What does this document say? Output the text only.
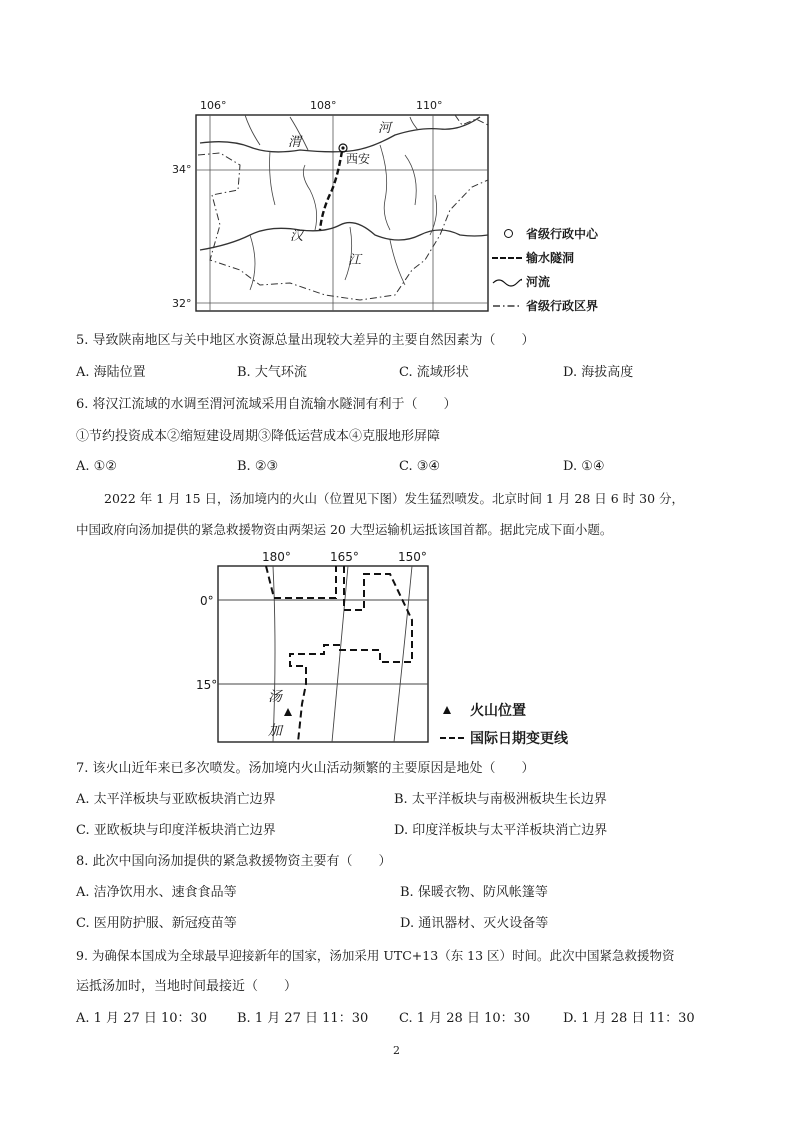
106°	108°	110°
34°
32°
渭
河
西安
汉
江
省级行政中心
输水隧洞
河流
省级行政区界
5. 导致陕南地区与关中地区水资源总量出现较大差异的主要自然因素为（　　）
A. 海陆位置	B. 大气环流	C. 流域形状	D. 海拔高度
6. 将汉江流域的水调至渭河流域采用自流输水隧洞有利于（　　）
①节约投资成本②缩短建设周期③降低运营成本④克服地形屏障
A. ①②	B. ②③	C. ③④	D. ①④
2022 年 1 月 15 日，汤加境内的火山（位置见下图）发生猛烈喷发。北京时间 1 月 28 日 6 时 30 分，
中国政府向汤加提供的紧急救援物资由两架运 20 大型运输机运抵该国首都。据此完成下面小题。
180°	165°	150°
0°
15°
汤
加
火山位置
国际日期变更线
7. 该火山近年来已多次喷发。汤加境内火山活动频繁的主要原因是地处（　　）
A. 太平洋板块与亚欧板块消亡边界	B. 太平洋板块与南极洲板块生长边界
C. 亚欧板块与印度洋板块消亡边界	D. 印度洋板块与太平洋板块消亡边界
8. 此次中国向汤加提供的紧急救援物资主要有（　　）
A. 洁净饮用水、速食食品等	B. 保暖衣物、防风帐篷等
C. 医用防护服、新冠疫苗等	D. 通讯器材、灭火设备等
9. 为确保本国成为全球最早迎接新年的国家，汤加采用 UTC+13（东 13 区）时间。此次中国紧急救援物资
运抵汤加时，当地时间最接近（　　）
A. 1 月 27 日 10：30 B. 1 月 27 日 11：30 C. 1 月 28 日 10：30	D. 1 月 28 日 11：30
2
